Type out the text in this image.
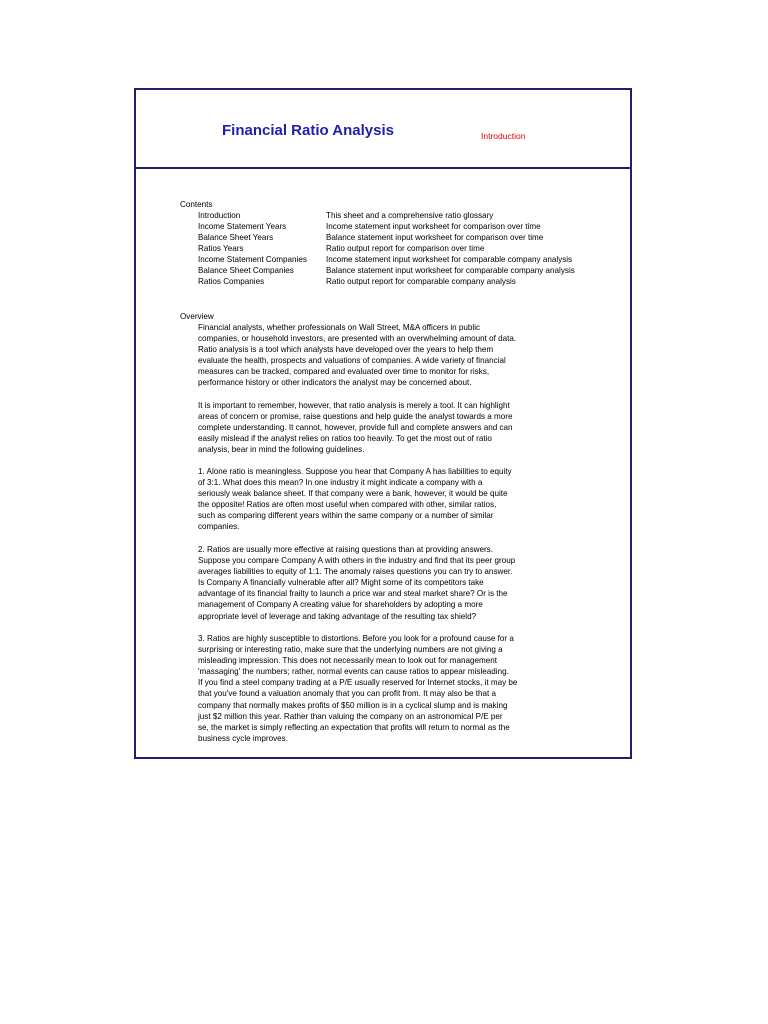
Financial Ratio Analysis	Introduction
Contents
Introduction	This sheet and a comprehensive ratio glossary
Income Statement Years	Income statement input worksheet for comparison over time
Balance Sheet Years	Balance statement input worksheet for comparison over time
Ratios Years	Ratio output report for comparison over time
Income Statement Companies	Income statement input worksheet for comparable company analysis
Balance Sheet Companies	Balance statement input worksheet for comparable company analysis
Ratios Companies	Ratio output report for comparable company analysis
Overview
Financial analysts, whether professionals on Wall Street, M&A officers in public
companies, or household investors, are presented with an overwhelming amount of data.
Ratio analysis is a tool which analysts have developed over the years to help them
evaluate the health, prospects and valuations of companies. A wide variety of financial
measures can be tracked, compared and evaluated over time to monitor for risks,
performance history or other indicators the analyst may be concerned about.
It is important to remember, however, that ratio analysis is merely a tool. It can highlight
areas of concern or promise, raise questions and help guide the analyst towards a more
complete understanding. It cannot, however, provide full and complete answers and can
easily mislead if the analyst relies on ratios too heavily. To get the most out of ratio
analysis, bear in mind the following guidelines.
1. Alone ratio is meaningless. Suppose you hear that Company A has liabilities to equity
of 3:1. What does this mean? In one industry it might indicate a company with a
seriously weak balance sheet. If that company were a bank, however, it would be quite
the opposite! Ratios are often most useful when compared with other, similar ratios,
such as comparing different years within the same company or a number of similar
companies.
2. Ratios are usually more effective at raising questions than at providing answers.
Suppose you compare Company A with others in the industry and find that its peer group
averages liabilities to equity of 1:1. The anomaly raises questions you can try to answer.
Is Company A financially vulnerable after all? Might some of its competitors take
advantage of its financial frailty to launch a price war and steal market share? Or is the
management of Company A creating value for shareholders by adopting a more
appropriate level of leverage and taking advantage of the resulting tax shield?
3. Ratios are highly susceptible to distortions. Before you look for a profound cause for a
surprising or interesting ratio, make sure that the underlying numbers are not giving a
misleading impression. This does not necessarily mean to look out for management
'massaging' the numbers; rather, normal events can cause ratios to appear misleading.
If you find a steel company trading at a P/E usually reserved for Internet stocks, it may be
that you've found a valuation anomaly that you can profit from. It may also be that a
company that normally makes profits of $50 million is in a cyclical slump and is making
just $2 million this year. Rather than valuing the company on an astronomical P/E per
se, the market is simply reflecting an expectation that profits will return to normal as the
business cycle improves.
